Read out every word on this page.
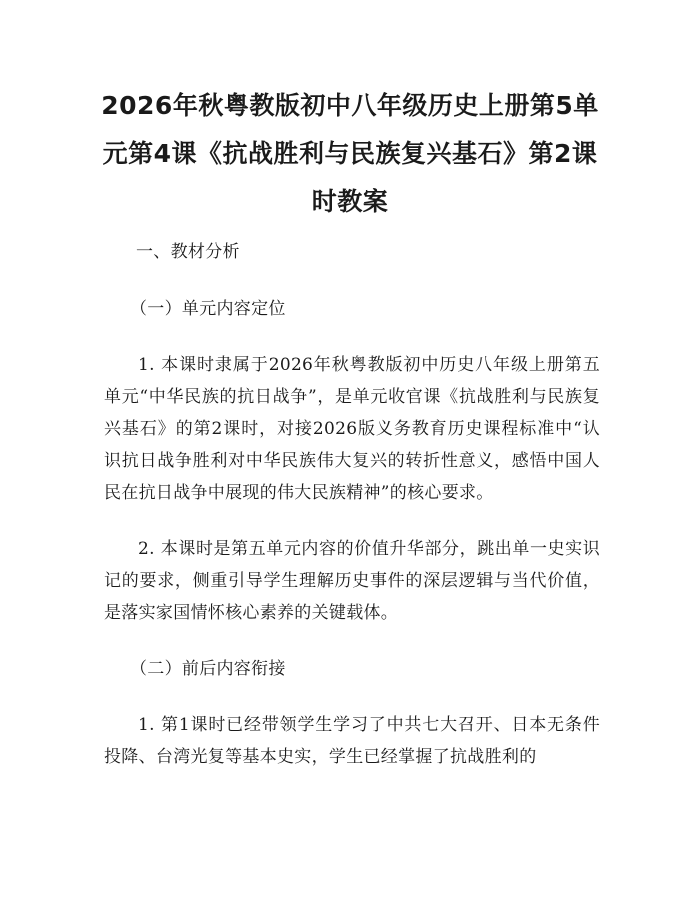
2026年秋粤教版初中八年级历史上册第5单元第4课《抗战胜利与民族复兴基石》第2课时教案
一、教材分析
（一）单元内容定位

1. 本课时隶属于2026年秋粤教版初中历史八年级上册第五单元“中华民族的抗日战争”，是单元收官课《抗战胜利与民族复兴基石》的第2课时，对接2026版义务教育历史课程标准中“认识抗日战争胜利对中华民族伟大复兴的转折性意义，感悟中国人民在抗日战争中展现的伟大民族精神”的核心要求。

2. 本课时是第五单元内容的价值升华部分，跳出单一史实识记的要求，侧重引导学生理解历史事件的深层逻辑与当代价值，是落实家国情怀核心素养的关键载体。

（二）前后内容衔接

1. 第1课时已经带领学生学习了中共七大召开、日本无条件投降、台湾光复等基本史实，学生已经掌握了抗战胜利的
